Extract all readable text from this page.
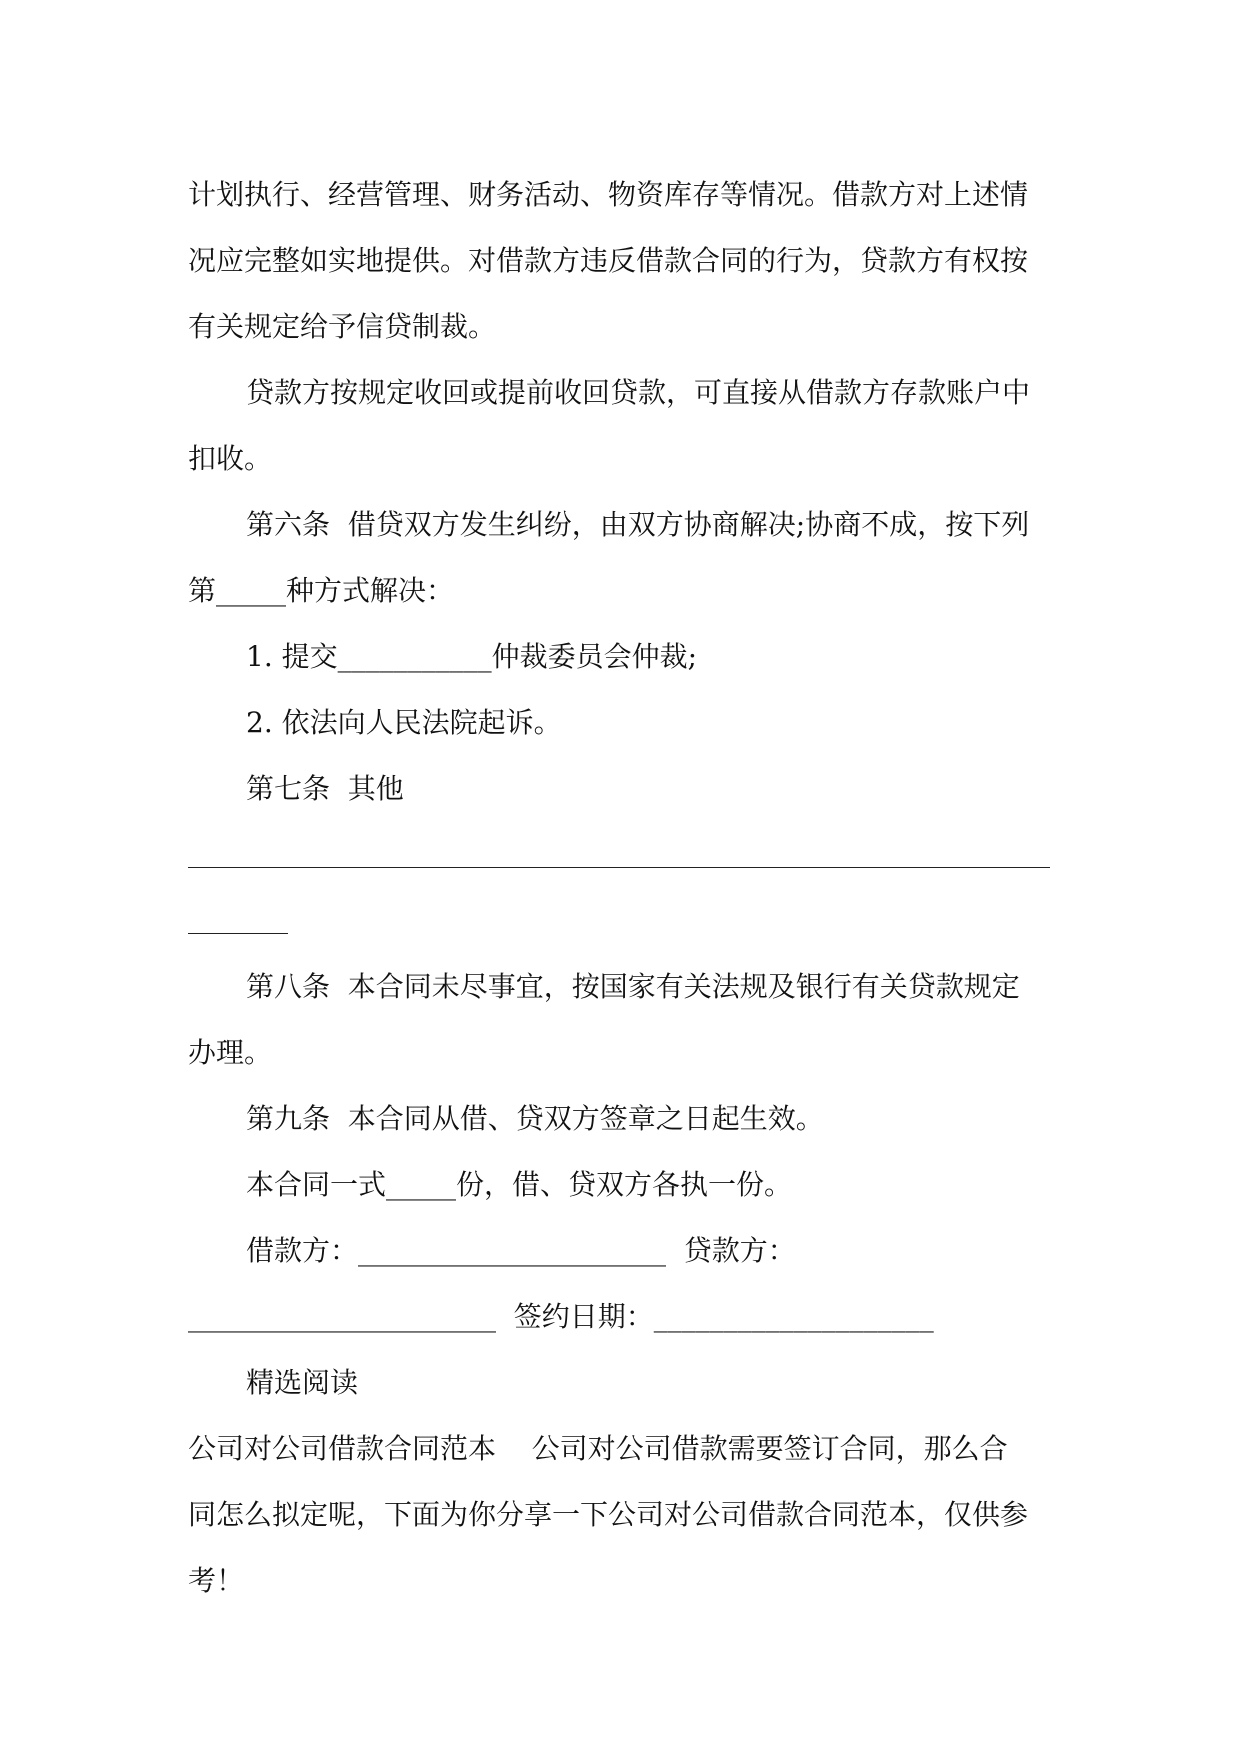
计划执行、经营管理、财务活动、物资库存等情况。借款方对上述情
况应完整如实地提供。对借款方违反借款合同的行为，贷款方有权按
有关规定给予信贷制裁。
贷款方按规定收回或提前收回贷款，可直接从借款方存款账户中
扣收。
第六条  借贷双方发生纠纷，由双方协商解决;协商不成，按下列
第_____种方式解决：
1. 提交___________仲裁委员会仲裁;
2. 依法向人民法院起诉。
第七条  其他
第八条  本合同未尽事宜，按国家有关法规及银行有关贷款规定
办理。
第九条  本合同从借、贷双方签章之日起生效。
本合同一式_____份，借、贷双方各执一份。
借款方：______________________  贷款方：
______________________  签约日期：____________________
精选阅读
公司对公司借款合同范本    公司对公司借款需要签订合同，那么合
同怎么拟定呢，下面为你分享一下公司对公司借款合同范本，仅供参
考！
